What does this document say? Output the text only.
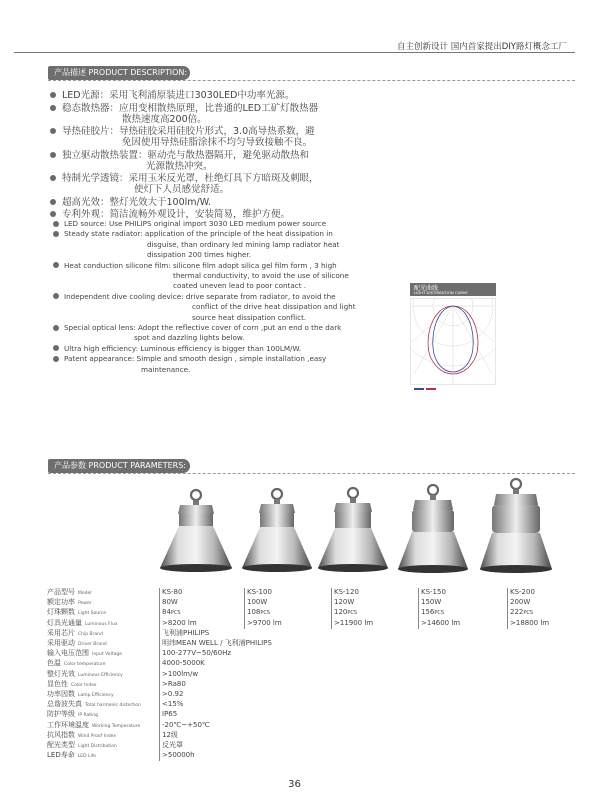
自主创新设计 国内首家提出DIY路灯概念工厂
产品描述 PRODUCT DESCRIPTION:
LED光源：采用飞利浦原装进口3030LED中功率光源。
稳态散热器：应用变相散热原理，比普通的LED工矿灯散热器
散热速度高200倍。
导热硅胶片：导热硅胶采用硅胶片形式，3.0高导热系数，避
免因使用导热硅脂涂抹不均匀导致接触不良。
独立驱动散热装置：驱动壳与散热器隔开，避免驱动散热和
光源散热冲突。
特制光学透镜：采用玉米反光罩，杜绝灯具下方暗斑及刺眼，
使灯下人员感觉舒适。
超高光效：整灯光效大于100lm/W.
专利外观：简洁流畅外观设计，安装简易，维护方便。
LED source: Use PHILIPS original import 3030 LED medium power source
Steady state radiator: application of the principle of the heat dissipation in
disguise, than ordinary led mining lamp radiator heat
dissipation 200 times higher.
Heat conduction silicone film: silicone film adopt silica gel film form , 3 high
thermal conductivity, to avoid the use of silicone
coated uneven lead to poor contact .
Independent dive cooling device: drive separate from radiator, to avoid the
conflict of the drive heat dissipation and light
source heat dissipation conflict.
Special optical lens: Adopt the reflective cover of corn ,put an end o the dark
spot and dazzling lights below.
Ultra high efficiency: Luminous efficiency is bigger than 100LM/W.
Patent appearance: Simple and smooth design , simple installation ,easy
maintenance.
配光曲线
LIGHT DISTRIBUTION CURVE
产品参数 PRODUCT PARAMETERS:
产品型号 Model	KS-80	KS-100	KS-120	KS-150	KS-200
额定功率 Power	80W	100W	120W	150W	200W
灯珠颗数 Light Source	84PCS	108PCS	120PCS	156PCS	222PCS
灯具光通量 Luminous Flux	>8200 lm	>9700 lm	>11900 lm	>14600 lm	>18800 lm
采用芯片 Chip Brand	飞利浦PHILIPS				
采用驱动 Driver Brand	明纬MEAN WELL / 飞利浦PHILIPS				
输入电压范围 Input Voltage	100-277V~50/60Hz				
色温 Color temperature	4000-5000K				
整灯光效 Luminous Efficiency	>100lm/w				
显色性 Color Index	>Ra80				
功率因数 Lamp Efficiency	>0.92				
总谐波失真 Total harmonic distortion	<15%				
防护等级 IP Rating	IP65				
工作环境温度 Working Temperature	-20℃~+50℃				
抗风指数 Wind Proof Index	12级				
配光类型 Light Distribution	反光罩				
LED寿命 LED Life	>50000h				
36
